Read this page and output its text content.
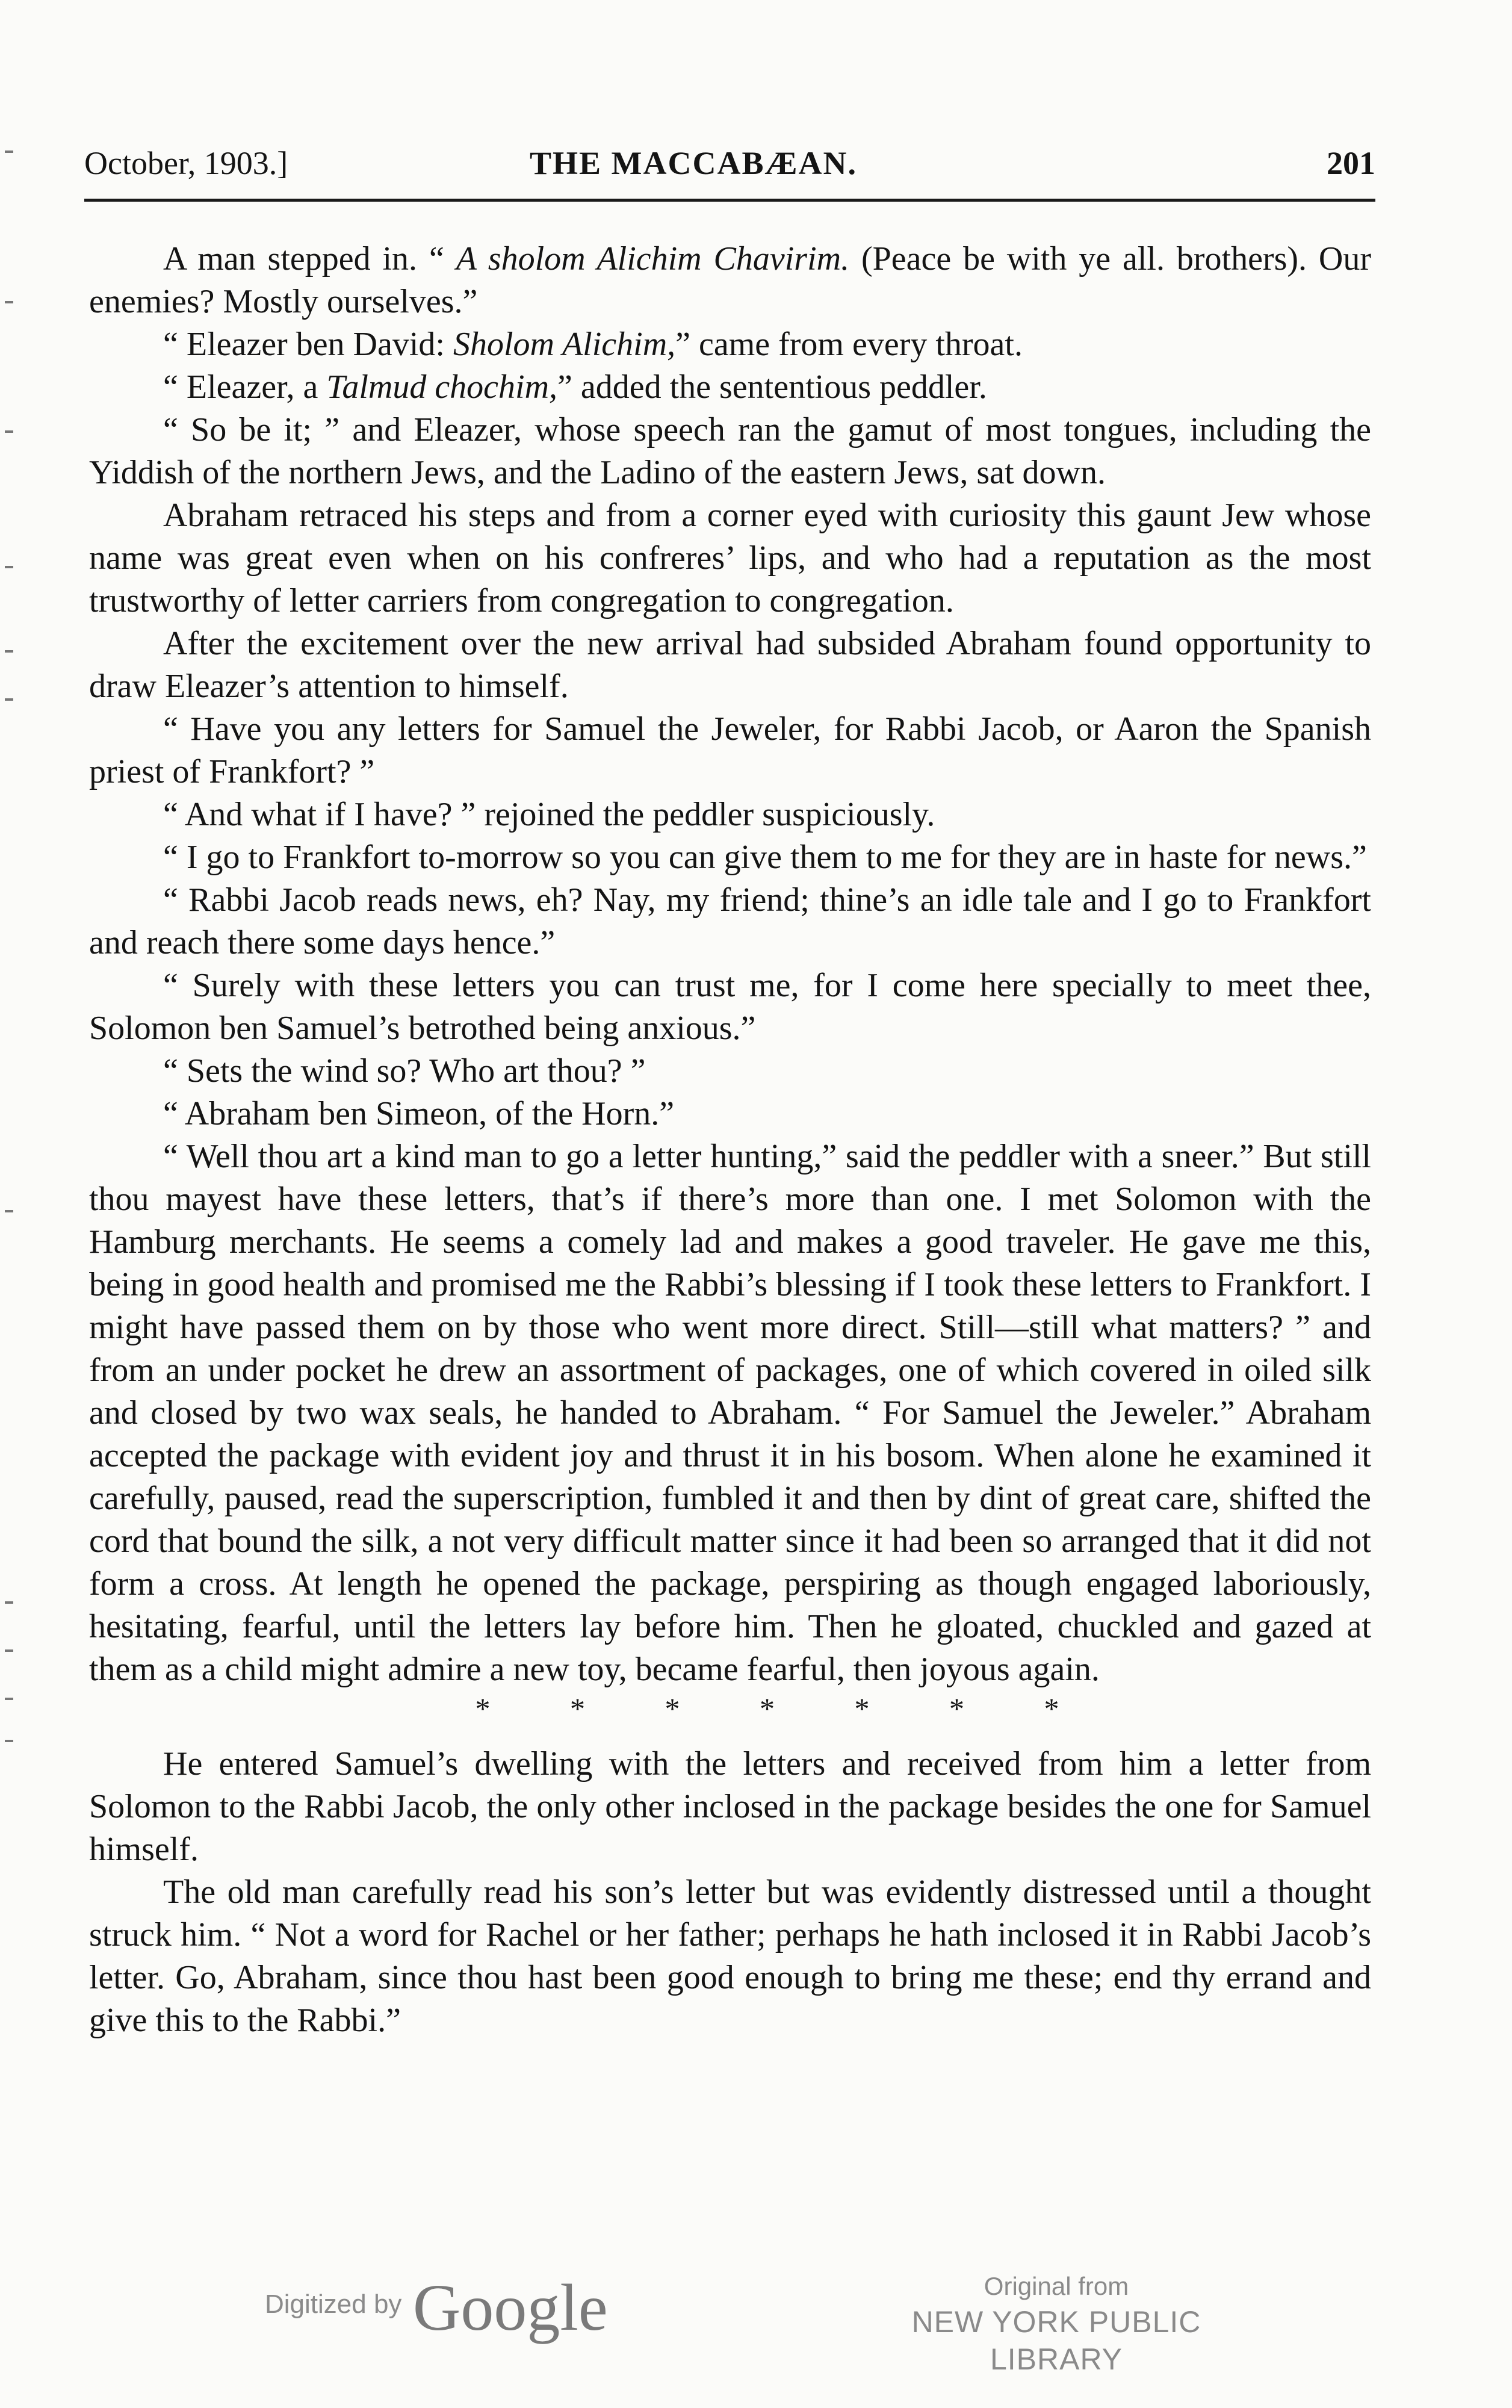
October, 1903.]	THE MACCABÆAN.	201

A man stepped in. “ A sholom Alichim Chavirim. (Peace be with ye all. brothers). Our enemies? Mostly ourselves.”

“ Eleazer ben David: Sholom Alichim,” came from every throat.

“ Eleazer, a Talmud chochim,” added the sententious peddler.

“ So be it; ” and Eleazer, whose speech ran the gamut of most tongues, including the Yiddish of the northern Jews, and the Ladino of the eastern Jews, sat down.

Abraham retraced his steps and from a corner eyed with curiosity this gaunt Jew whose name was great even when on his confreres’ lips, and who had a reputation as the most trustworthy of letter carriers from congregation to congregation.

After the excitement over the new arrival had subsided Abraham found opportunity to draw Eleazer’s attention to himself.

“ Have you any letters for Samuel the Jeweler, for Rabbi Jacob, or Aaron the Spanish priest of Frankfort? ”

“ And what if I have? ” rejoined the peddler suspiciously.

“ I go to Frankfort to-morrow so you can give them to me for they are in haste for news.”

“ Rabbi Jacob reads news, eh? Nay, my friend; thine’s an idle tale and I go to Frankfort and reach there some days hence.”

“ Surely with these letters you can trust me, for I come here specially to meet thee, Solomon ben Samuel’s betrothed being anxious.”

“ Sets the wind so? Who art thou? ”

“ Abraham ben Simeon, of the Horn.”

“ Well thou art a kind man to go a letter hunting,” said the peddler with a sneer.” But still thou mayest have these letters, that’s if there’s more than one. I met Solomon with the Hamburg merchants. He seems a comely lad and makes a good traveler. He gave me this, being in good health and promised me the Rabbi’s blessing if I took these letters to Frankfort. I might have passed them on by those who went more direct. Still—still what matters? ” and from an under pocket he drew an assortment of packages, one of which covered in oiled silk and closed by two wax seals, he handed to Abraham. “ For Samuel the Jeweler.” Abraham accepted the package with evident joy and thrust it in his bosom. When alone he examined it carefully, paused, read the superscription, fumbled it and then by dint of great care, shifted the cord that bound the silk, a not very difficult matter since it had been so arranged that it did not form a cross. At length he opened the package, perspiring as though engaged laboriously, hesitating, fearful, until the letters lay before him. Then he gloated, chuckled and gazed at them as a child might admire a new toy, became fearful, then joyous again.

* * * * * * *

He entered Samuel’s dwelling with the letters and received from him a letter from Solomon to the Rabbi Jacob, the only other inclosed in the package besides the one for Samuel himself.

The old man carefully read his son’s letter but was evidently distressed until a thought struck him. “ Not a word for Rachel or her father; perhaps he hath inclosed it in Rabbi Jacob’s letter. Go, Abraham, since thou hast been good enough to bring me these; end thy errand and give this to the Rabbi.”

Digitized by Google	Original from
NEW YORK PUBLIC LIBRARY
